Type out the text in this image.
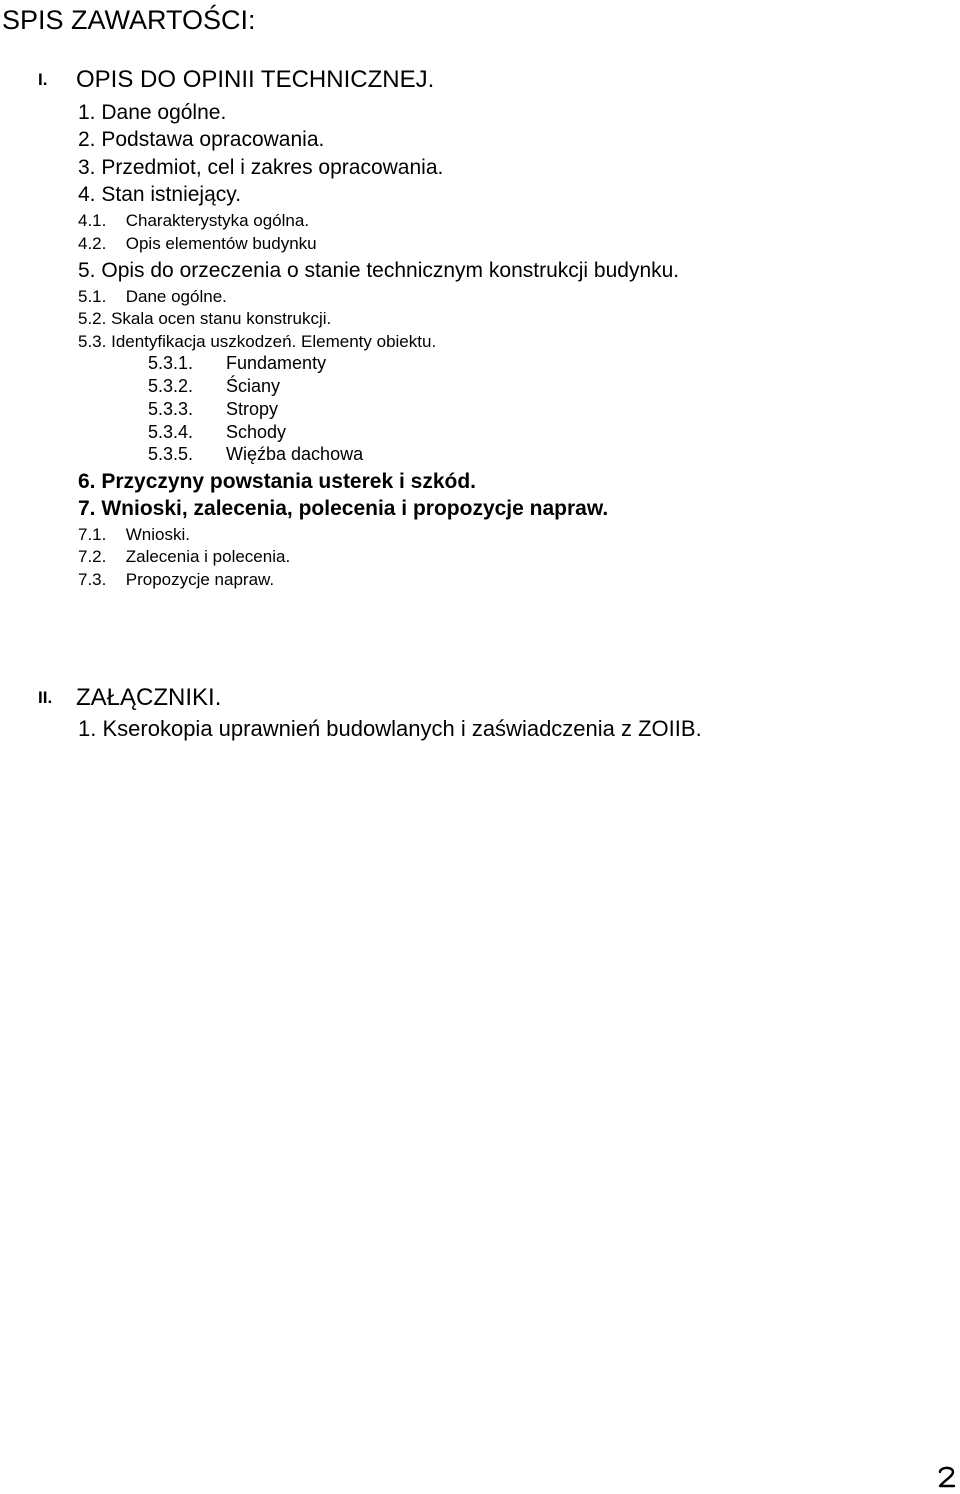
SPIS ZAWARTOŚCI:
I. OPIS DO OPINII TECHNICZNEJ.
1. Dane ogólne.
2. Podstawa opracowania.
3. Przedmiot, cel i zakres opracowania.
4. Stan istniejący.
4.1. Charakterystyka ogólna.
4.2. Opis elementów budynku
5. Opis do orzeczenia o stanie technicznym konstrukcji budynku.
5.1. Dane ogólne.
5.2. Skala ocen stanu konstrukcji.
5.3. Identyfikacja uszkodzeń. Elementy obiektu.
5.3.1. Fundamenty
5.3.2. Ściany
5.3.3. Stropy
5.3.4. Schody
5.3.5. Więźba dachowa
6. Przyczyny powstania usterek i szkód.
7. Wnioski, zalecenia, polecenia i propozycje napraw.
7.1. Wnioski.
7.2. Zalecenia i polecenia.
7.3. Propozycje napraw.
II. ZAŁĄCZNIKI.
1. Kserokopia uprawnień budowlanych i zaświadczenia z ZOIIB.
